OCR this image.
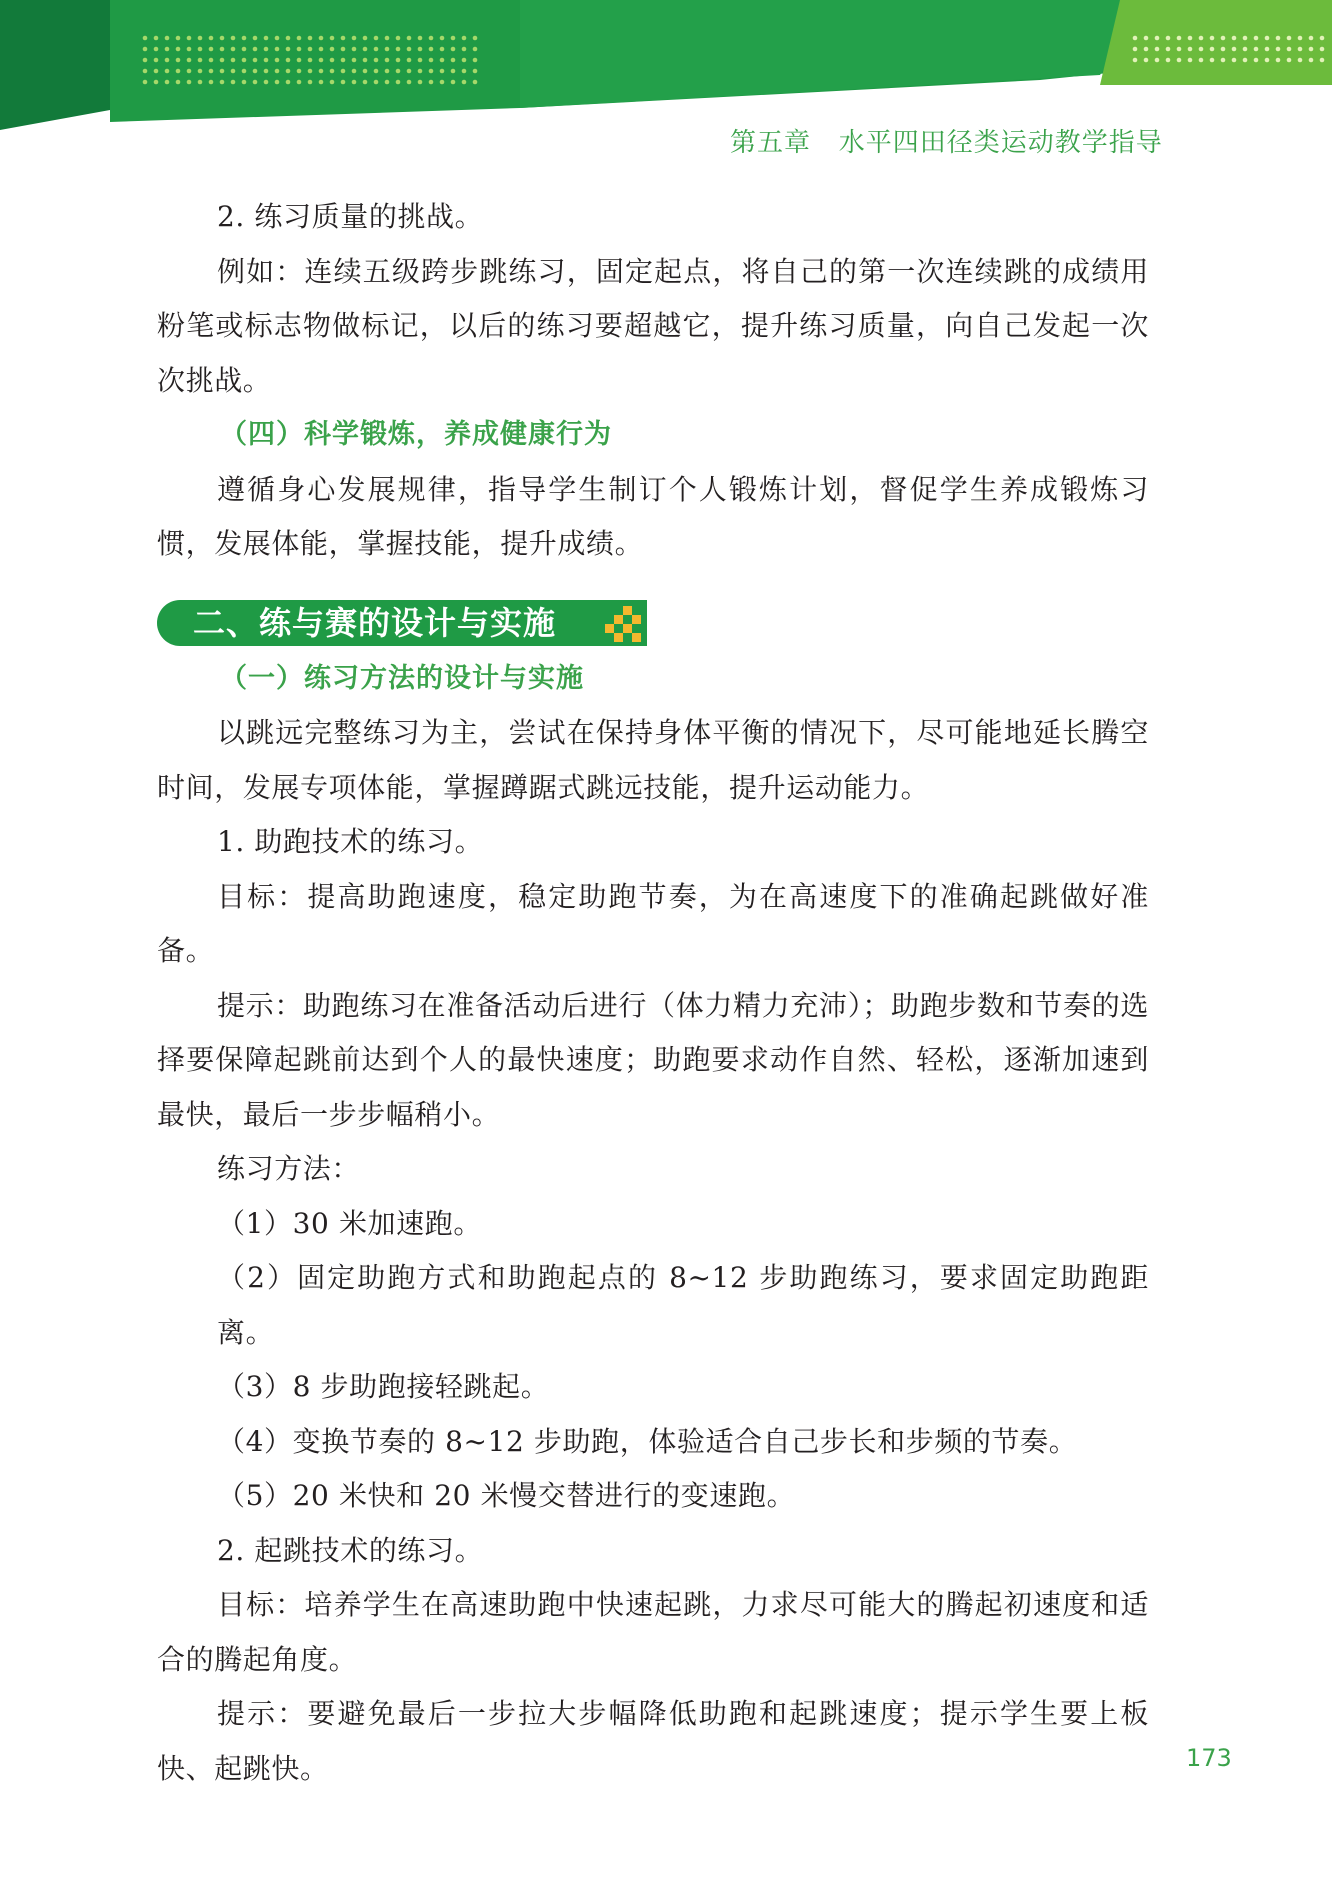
第五章   水平四田径类运动教学指导

2. 练习质量的挑战。

例如：连续五级跨步跳练习，固定起点，将自己的第一次连续跳的成绩用粉笔或标志物做标记，以后的练习要超越它，提升练习质量，向自己发起一次次挑战。

（四）科学锻炼，养成健康行为

遵循身心发展规律，指导学生制订个人锻炼计划，督促学生养成锻炼习惯，发展体能，掌握技能，提升成绩。

二、练与赛的设计与实施
（一）练习方法的设计与实施

以跳远完整练习为主，尝试在保持身体平衡的情况下，尽可能地延长腾空时间，发展专项体能，掌握蹲踞式跳远技能，提升运动能力。

1. 助跑技术的练习。

目标：提高助跑速度，稳定助跑节奏，为在高速度下的准确起跳做好准备。

提示：助跑练习在准备活动后进行（体力精力充沛）；助跑步数和节奏的选择要保障起跳前达到个人的最快速度；助跑要求动作自然、轻松，逐渐加速到最快，最后一步步幅稍小。

练习方法：

（1）30 米加速跑。

（2）固定助跑方式和助跑起点的 8~12 步助跑练习，要求固定助跑距离。

（3）8 步助跑接轻跳起。

（4）变换节奏的 8~12 步助跑，体验适合自己步长和步频的节奏。

（5）20 米快和 20 米慢交替进行的变速跑。

2. 起跳技术的练习。

目标：培养学生在高速助跑中快速起跳，力求尽可能大的腾起初速度和适合的腾起角度。

提示：要避免最后一步拉大步幅降低助跑和起跳速度；提示学生要上板快、起跳快。	173
